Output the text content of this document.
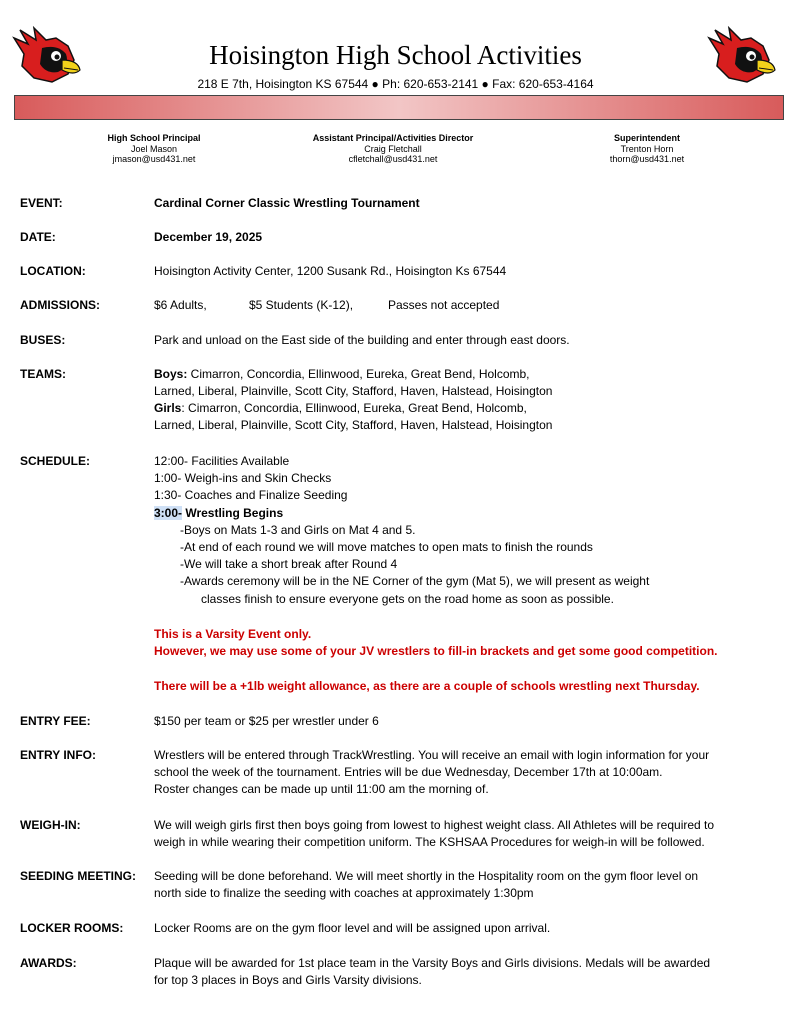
Hoisington High School Activities
218 E 7th, Hoisington KS 67544 ● Ph: 620-653-2141 ● Fax: 620-653-4164
High School Principal
Joel Mason
jmason@usd431.net
Assistant Principal/Activities Director
Craig Fletchall
cfletchall@usd431.net
Superintendent
Trenton Horn
thorn@usd431.net
EVENT:	Cardinal Corner Classic Wrestling Tournament
DATE:	December 19, 2025
LOCATION:	Hoisington Activity Center, 1200 Susank Rd., Hoisington Ks 67544
ADMISSIONS:	$6 Adults,	$5 Students (K-12),	Passes not accepted
BUSES:	Park and unload on the East side of the building and enter through east doors.
TEAMS:	Boys: Cimarron, Concordia, Ellinwood, Eureka, Great Bend, Holcomb,
Larned, Liberal, Plainville, Scott City, Stafford, Haven, Halstead, Hoisington
Girls: Cimarron, Concordia, Ellinwood, Eureka, Great Bend, Holcomb,
Larned, Liberal, Plainville, Scott City, Stafford, Haven, Halstead, Hoisington
SCHEDULE:	12:00- Facilities Available
1:00- Weigh-ins and Skin Checks
1:30- Coaches and Finalize Seeding
3:00- Wrestling Begins
-Boys on Mats 1-3 and Girls on Mat 4 and 5.
-At end of each round we will move matches to open mats to finish the rounds
-We will take a short break after Round 4
-Awards ceremony will be in the NE Corner of the gym (Mat 5), we will present as weight
classes finish to ensure everyone gets on the road home as soon as possible.
This is a Varsity Event only.
However, we may use some of your JV wrestlers to fill-in brackets and get some good competition.
There will be a +1lb weight allowance, as there are a couple of schools wrestling next Thursday.
ENTRY FEE:	$150 per team or $25 per wrestler under 6
ENTRY INFO:	Wrestlers will be entered through TrackWrestling. You will receive an email with login information for your
school the week of the tournament. Entries will be due Wednesday, December 17th at 10:00am.
Roster changes can be made up until 11:00 am the morning of.
WEIGH-IN:	We will weigh girls first then boys going from lowest to highest weight class. All Athletes will be required to
weigh in while wearing their competition uniform. The KSHSAA Procedures for weigh-in will be followed.
SEEDING MEETING: Seeding will be done beforehand. We will meet shortly in the Hospitality room on the gym floor level on
north side to finalize the seeding with coaches at approximately 1:30pm
LOCKER ROOMS:	Locker Rooms are on the gym floor level and will be assigned upon arrival.
AWARDS:	Plaque will be awarded for 1st place team in the Varsity Boys and Girls divisions. Medals will be awarded
for top 3 places in Boys and Girls Varsity divisions.
